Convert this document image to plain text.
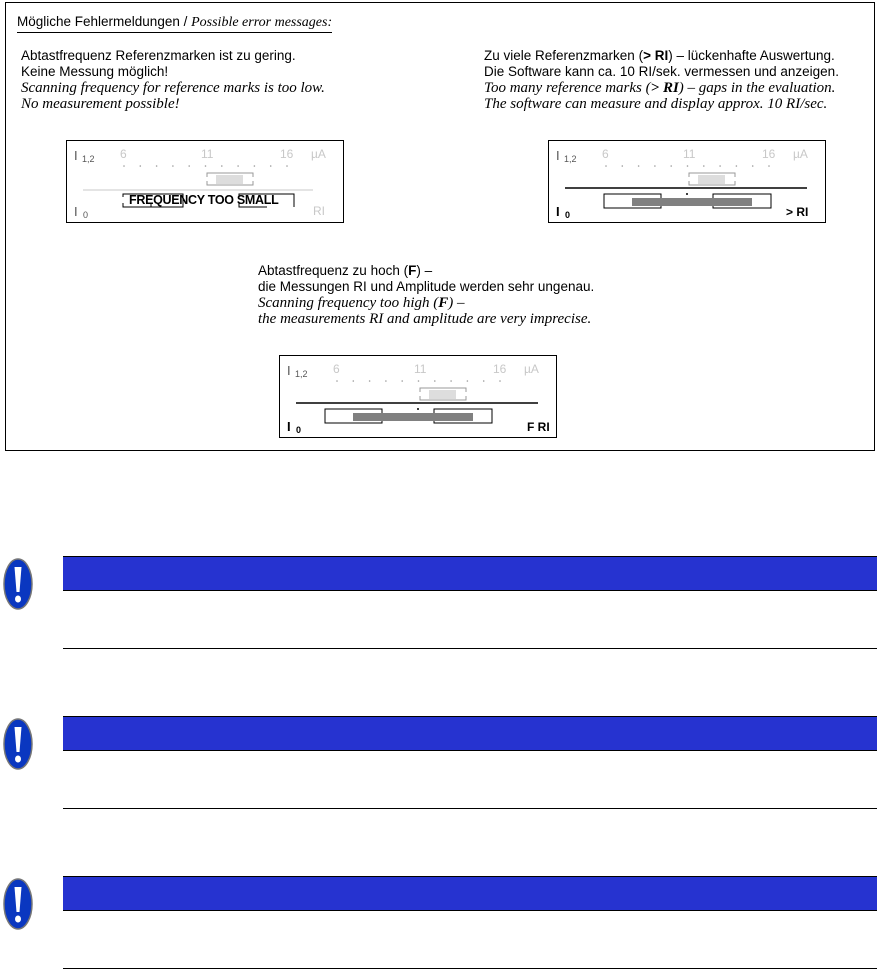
Mögliche Fehlermeldungen / Possible error messages:
Abtastfrequenz Referenzmarken ist zu gering.
Keine Messung möglich!
Scanning frequency for reference marks is too low.
No measurement possible!
Zu viele Referenzmarken (> RI) – lückenhafte Auswertung.
Die Software kann ca. 10 RI/sek. vermessen und anzeigen.
Too many reference marks (> RI) – gaps in the evaluation.
The software can measure and display approx. 10 RI/sec.
Abtastfrequenz zu hoch (F) –
die Messungen RI und Amplitude werden sehr ungenau.
Scanning frequency too high (F) –
the measurements RI and amplitude are very imprecise.
I 1,2 6	11	16 µA
FREQUENCY TOO SMALL
RI
I 0
I 1,2 6	11	16 µA
I 0	> RI
I 1,2 6	11	16 µA
I 0	F RI
